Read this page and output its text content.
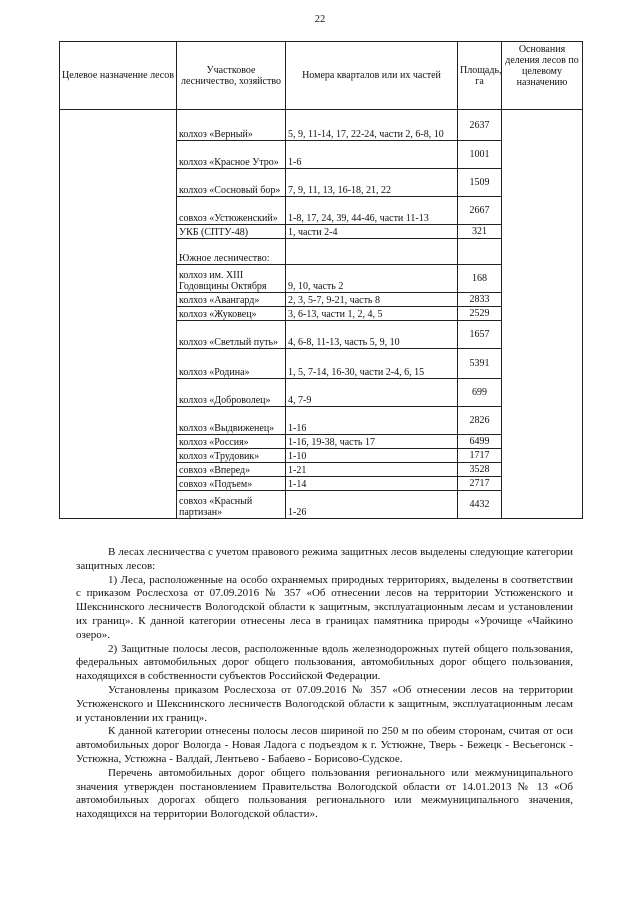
22
Целевое назначение лесов	Участковое лесничество, хозяйство	Номера кварталов или их частей	Площадь, га	Основания деления лесов по целевому назначению
	колхоз «Верный»	5, 9, 11-14, 17, 22-24, части 2, 6-8, 10	2637	
	колхоз «Красное Утро»	1-6	1001	
	колхоз «Сосновый бор»	7, 9, 11, 13, 16-18, 21, 22	1509	
	совхоз «Устюженский»	1-8, 17, 24, 39, 44-46, части 11-13	2667	
	УКБ (СПТУ-48)	1, части 2-4	321	
	Южное лесничество:			
	колхоз им. XIII Годовщины Октября	9, 10, часть 2	168	
	колхоз «Авангард»	2, 3, 5-7, 9-21, часть 8	2833	
	колхоз «Жуковец»	3, 6-13, части 1, 2, 4, 5	2529	
	колхоз «Светлый путь»	4, 6-8, 11-13, часть 5, 9, 10	1657	
	колхоз «Родина»	1, 5, 7-14, 16-30, части 2-4, 6, 15	5391	
	колхоз «Доброволец»	4, 7-9	699	
	колхоз «Выдвиженец»	1-16	2826	
	колхоз «Россия»	1-16, 19-38, часть 17	6499	
	колхоз «Трудовик»	1-10	1717	
	совхоз «Вперед»	1-21	3528	
	совхоз «Подъем»	1-14	2717	
	совхоз «Красный партизан»	1-26	4432	

В лесах лесничества с учетом правового режима защитных лесов выделены следующие категории защитных лесов:

1) Леса, расположенные на особо охраняемых природных территориях, выделены в соответствии с приказом Рослесхоза от 07.09.2016 № 357 «Об отнесении лесов на территории Устюженского и Шекснинского лесничеств Вологодской области к защитным, эксплуатационным лесам и установлении их границ». К данной категории отнесены леса в границах памятника природы «Урочище «Чайкино озеро».

2) Защитные полосы лесов, расположенные вдоль железнодорожных путей общего пользования, федеральных автомобильных дорог общего пользования, автомобильных дорог общего пользования, находящихся в собственности субъектов Российской Федерации.

Установлены приказом Рослесхоза от 07.09.2016 № 357 «Об отнесении лесов на территории Устюженского и Шекснинского лесничеств Вологодской области к защитным, эксплуатационным лесам и установлении их границ».

К данной категории отнесены полосы лесов шириной по 250 м по обеим сторонам, считая от оси автомобильных дорог Вологда - Новая Ладога с подъездом к г. Устюжне, Тверь - Бежецк - Весьегонск - Устюжна, Устюжна - Валдай, Лентьево - Бабаево - Борисово-Судское.

Перечень автомобильных дорог общего пользования регионального или межмуниципального значения утвержден постановлением Правительства Вологодской области от 14.01.2013 № 13 «Об автомобильных дорогах общего пользования регионального или межмуниципального значения, находящихся на территории Вологодской области».
